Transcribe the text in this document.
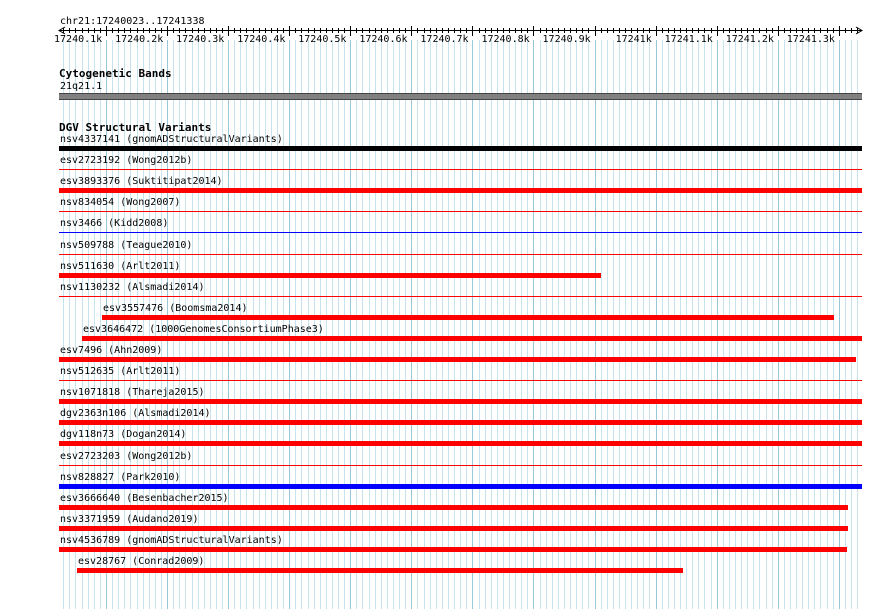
chr21:17240023..17241338
17240.1k 17240.2k 17240.3k 17240.4k 17240.5k 17240.6k 17240.7k 17240.8k 17240.9k 17241k 17241.1k 17241.2k 17241.3k
Cytogenetic Bands
21q21.1
DGV Structural Variants
nsv4337141 (gnomADStructuralVariants)
esv2723192 (Wong2012b)
esv3893376 (Suktitipat2014)
nsv834054 (Wong2007)
nsv3466 (Kidd2008)
nsv509788 (Teague2010)
nsv511630 (Arlt2011)
nsv1130232 (Alsmadi2014)
esv3557476 (Boomsma2014)
esv3646472 (1000GenomesConsortiumPhase3)
esv7496 (Ahn2009)
nsv512635 (Arlt2011)
nsv1071818 (Thareja2015)
dgv2363n106 (Alsmadi2014)
dgv118n73 (Dogan2014)
esv2723203 (Wong2012b)
nsv828827 (Park2010)
esv3666640 (Besenbacher2015)
nsv3371959 (Audano2019)
nsv4536789 (gnomADStructuralVariants)
esv28767 (Conrad2009)
